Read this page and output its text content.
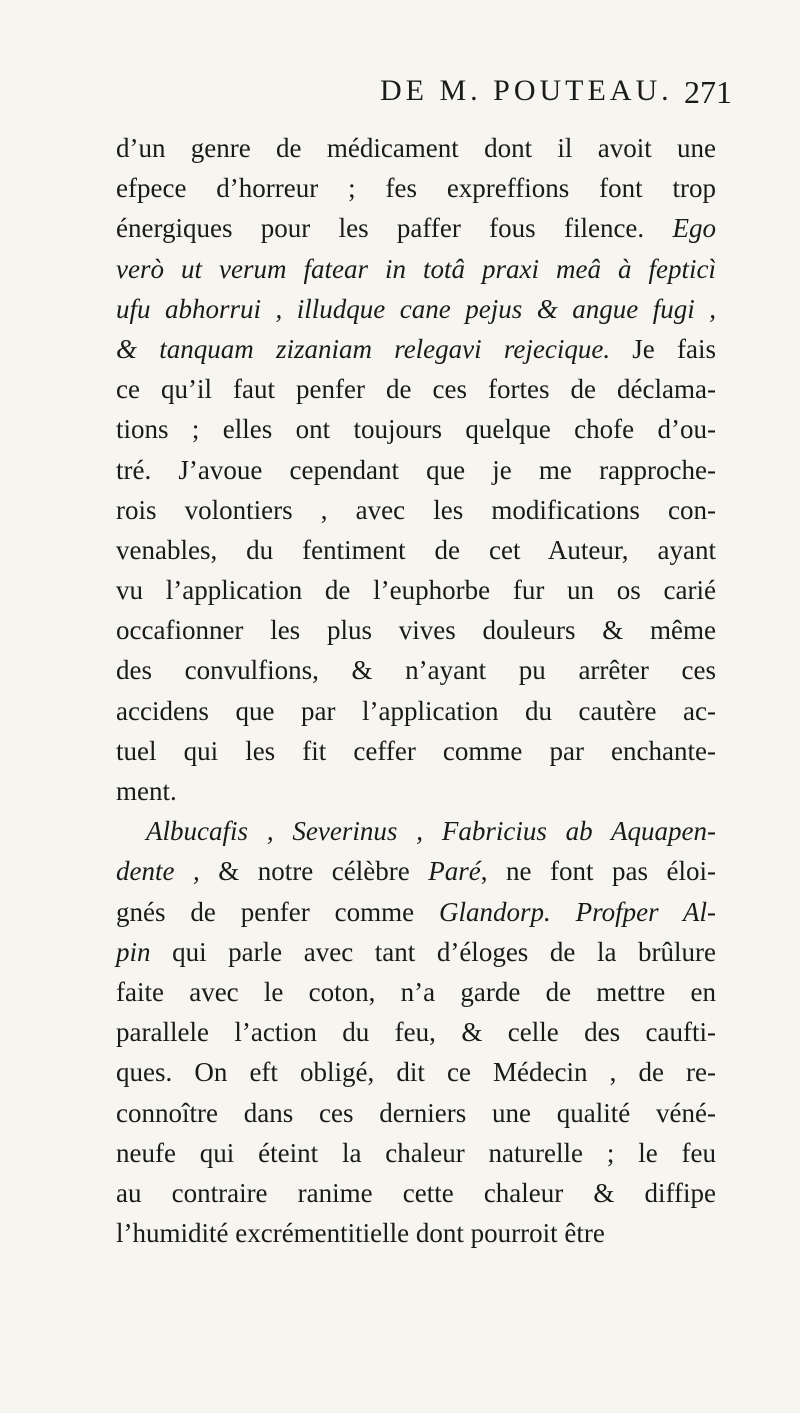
DE M. POUTEAU. 271
d’un genre de médicament dont il avoit une
efpece d’horreur ; fes expreffions font trop
énergiques pour les paffer fous filence. Ego
verò ut verum fatear in totâ praxi meâ à fepticì
ufu abhorrui , illudque cane pejus & angue fugi ,
& tanquam zizaniam relegavi rejecique. Je fais
ce qu’il faut penfer de ces fortes de déclama-
tions ; elles ont toujours quelque chofe d’ou-
tré. J’avoue cependant que je me rapproche-
rois volontiers , avec les modifications con-
venables, du fentiment de cet Auteur, ayant
vu l’application de l’euphorbe fur un os carié
occafionner les plus vives douleurs & même
des convulfions, & n’ayant pu arrêter ces
accidens que par l’application du cautère ac-
tuel qui les fit ceffer comme par enchante-
ment.
Albucafis , Severinus , Fabricius ab Aquapen-
dente , & notre célèbre Paré, ne font pas éloi-
gnés de penfer comme Glandorp. Profper Al-
pin qui parle avec tant d’éloges de la brûlure
faite avec le coton, n’a garde de mettre en
parallele l’action du feu, & celle des caufti-
ques. On eft obligé, dit ce Médecin , de re-
connoître dans ces derniers une qualité véné-
neufe qui éteint la chaleur naturelle ; le feu
au contraire ranime cette chaleur & diffipe
l’humidité excrémentitielle dont pourroit être
